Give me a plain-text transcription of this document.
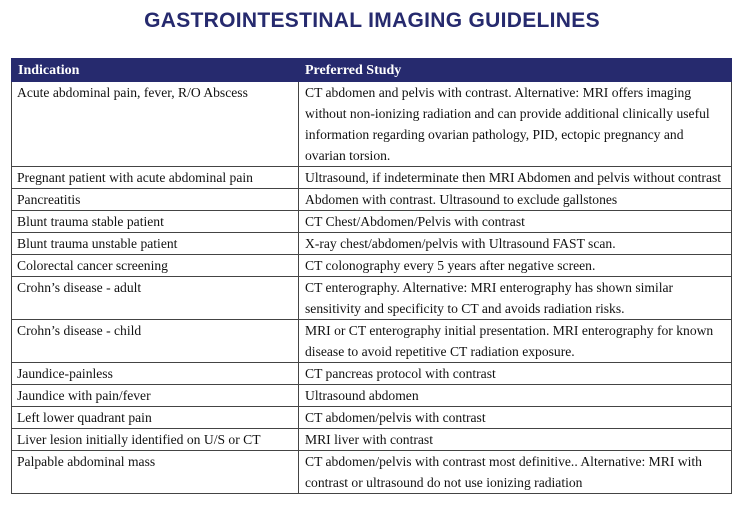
GASTROINTESTINAL IMAGING GUIDELINES
Indication	Preferred Study
Acute abdominal pain, fever, R/O Abscess	CT abdomen and pelvis with contrast. Alternative: MRI offers imaging without non-ionizing radiation and can provide additional clinically useful information regarding ovarian pathology, PID, ectopic pregnancy and ovarian torsion.
Pregnant patient with acute abdominal pain	Ultrasound, if indeterminate then MRI Abdomen and pelvis without contrast
Pancreatitis	Abdomen with contrast. Ultrasound to exclude gallstones
Blunt trauma stable patient	CT Chest/Abdomen/Pelvis with contrast
Blunt trauma unstable patient	X-ray chest/abdomen/pelvis with Ultrasound FAST scan.
Colorectal cancer screening	CT colonography every 5 years after negative screen.
Crohn’s disease - adult	CT enterography. Alternative: MRI enterography has shown similar sensitivity and specificity to CT and avoids radiation risks.
Crohn’s disease - child	MRI or CT enterography initial presentation. MRI enterography for known disease to avoid repetitive CT radiation exposure.
Jaundice-painless	CT pancreas protocol with contrast
Jaundice with pain/fever	Ultrasound abdomen
Left lower quadrant pain	CT abdomen/pelvis with contrast
Liver lesion initially identified on U/S or CT	MRI liver with contrast
Palpable abdominal mass	CT abdomen/pelvis with contrast most definitive.. Alternative: MRI with contrast or ultrasound do not use ionizing radiation
